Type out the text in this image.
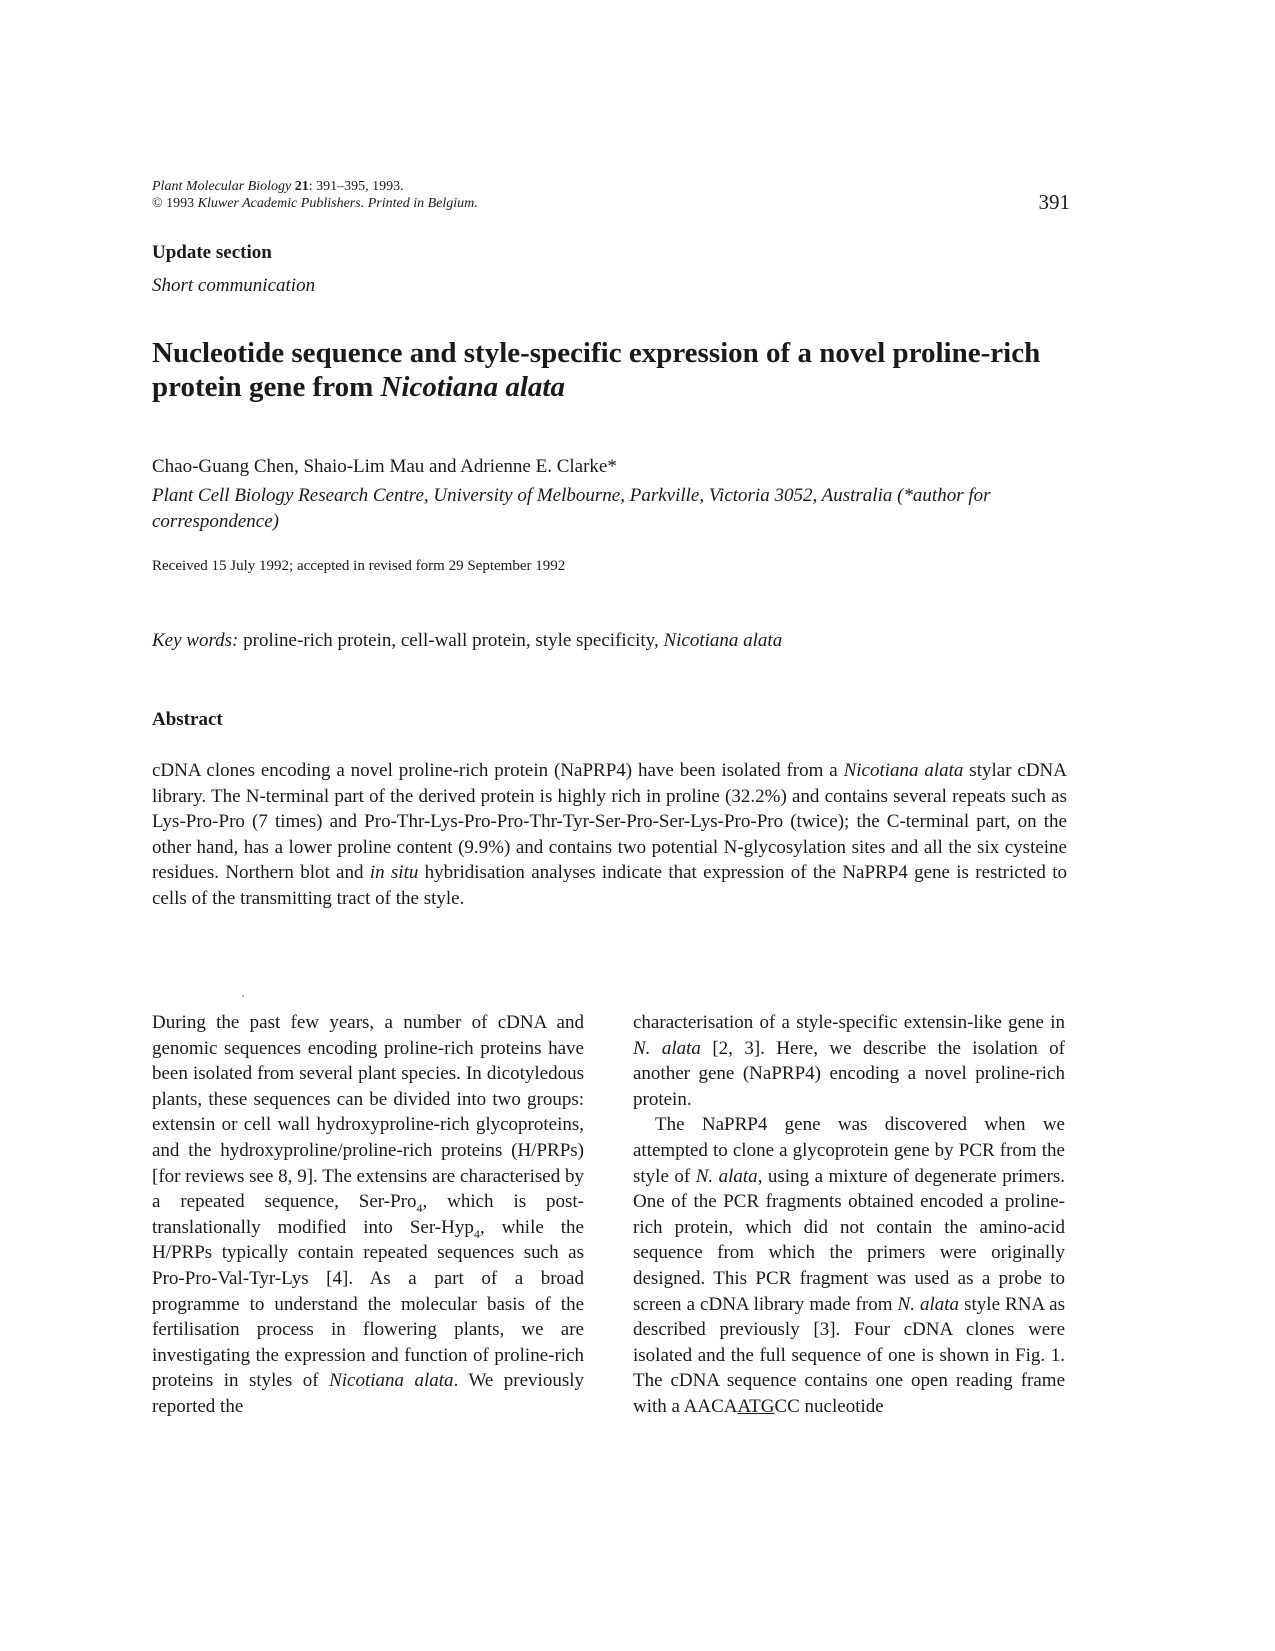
Plant Molecular Biology 21: 391–395, 1993.
© 1993 Kluwer Academic Publishers. Printed in Belgium.	391
Update section
Short communication
Nucleotide sequence and style-specific expression of a novel proline-rich protein gene from Nicotiana alata
Chao-Guang Chen, Shaio-Lim Mau and Adrienne E. Clarke*
Plant Cell Biology Research Centre, University of Melbourne, Parkville, Victoria 3052, Australia (*author for correspondence)
Received 15 July 1992; accepted in revised form 29 September 1992
Key words: proline-rich protein, cell-wall protein, style specificity, Nicotiana alata
Abstract
cDNA clones encoding a novel proline-rich protein (NaPRP4) have been isolated from a Nicotiana alata stylar cDNA library. The N-terminal part of the derived protein is highly rich in proline (32.2%) and contains several repeats such as Lys-Pro-Pro (7 times) and Pro-Thr-Lys-Pro-Pro-Thr-Tyr-Ser-Pro-Ser-Lys-Pro-Pro (twice); the C-terminal part, on the other hand, has a lower proline content (9.9%) and contains two potential N-glycosylation sites and all the six cysteine residues. Northern blot and in situ hybridisation analyses indicate that expression of the NaPRP4 gene is restricted to cells of the transmitting tract of the style.

During the past few years, a number of cDNA and genomic sequences encoding proline-rich proteins have been isolated from several plant species. In dicotyledous plants, these sequences can be divided into two groups: extensin or cell wall hydroxyproline-rich glycoproteins, and the hydroxyproline/proline-rich proteins (H/PRPs) [for reviews see 8, 9]. The extensins are characterised by a repeated sequence, Ser-Pro$_4$, which is post-translationally modified into Ser-Hyp$_4$, while the H/PRPs typically contain repeated sequences such as Pro-Pro-Val-Tyr-Lys [4]. As a part of a broad programme to understand the molecular basis of the fertilisation process in flowering plants, we are investigating the expression and function of proline-rich proteins in styles of Nicotiana alata. We previously reported the

characterisation of a style-specific extensin-like gene in N. alata [2, 3]. Here, we describe the isolation of another gene (NaPRP4) encoding a novel proline-rich protein.

The NaPRP4 gene was discovered when we attempted to clone a glycoprotein gene by PCR from the style of N. alata, using a mixture of degenerate primers. One of the PCR fragments obtained encoded a proline-rich protein, which did not contain the amino-acid sequence from which the primers were originally designed. This PCR fragment was used as a probe to screen a cDNA library made from N. alata style RNA as described previously [3]. Four cDNA clones were isolated and the full sequence of one is shown in Fig. 1. The cDNA sequence contains one open reading frame with a AACAATGCC nucleotide
